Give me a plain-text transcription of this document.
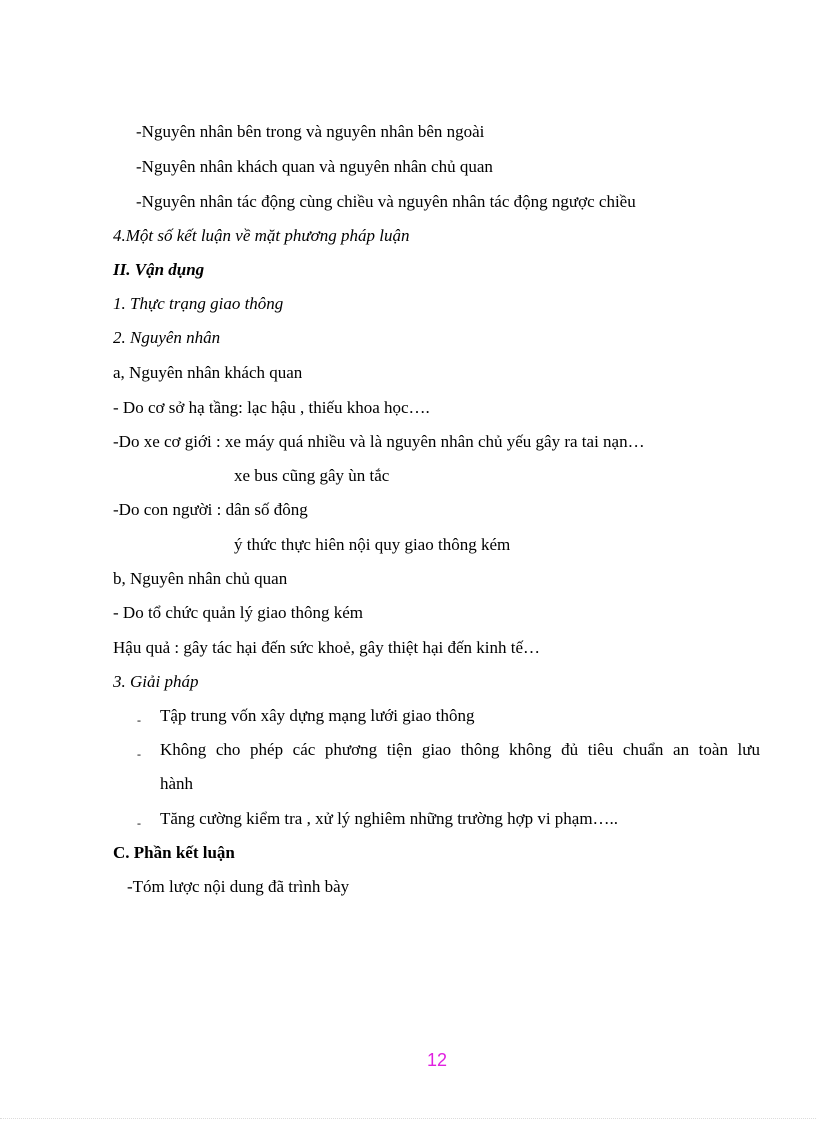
-Nguyên nhân bên trong và nguyên nhân bên ngoài
-Nguyên nhân khách quan và nguyên nhân chủ quan
-Nguyên nhân tác động cùng chiều và nguyên nhân tác động ngược chiều
4.Một số kết luận về mặt phương pháp luận
II. Vận dụng
1. Thực trạng giao thông
2. Nguyên nhân
a, Nguyên nhân khách quan
- Do cơ sở hạ tầng: lạc hậu , thiếu khoa học….
-Do xe cơ giới : xe máy quá nhiều và là nguyên nhân chủ yếu gây ra tai nạn…
xe bus cũng gây ùn tắc
-Do con người : dân số đông
ý thức thực hiên nội quy giao thông kém
b, Nguyên nhân chủ quan
- Do tổ chức quản lý giao thông kém
Hậu quả : gây tác hại đến sức khoẻ, gây thiệt hại đến kinh tế…
3. Giải pháp
- Tập trung vốn xây dựng mạng lưới giao thông
- Không cho phép các phương tiện giao thông không đủ tiêu chuẩn an toàn lưu
hành
- Tăng cường kiểm tra , xử lý nghiêm những trường hợp vi phạm…..
C. Phần kết luận
-Tóm lược nội dung đã trình bày
12
